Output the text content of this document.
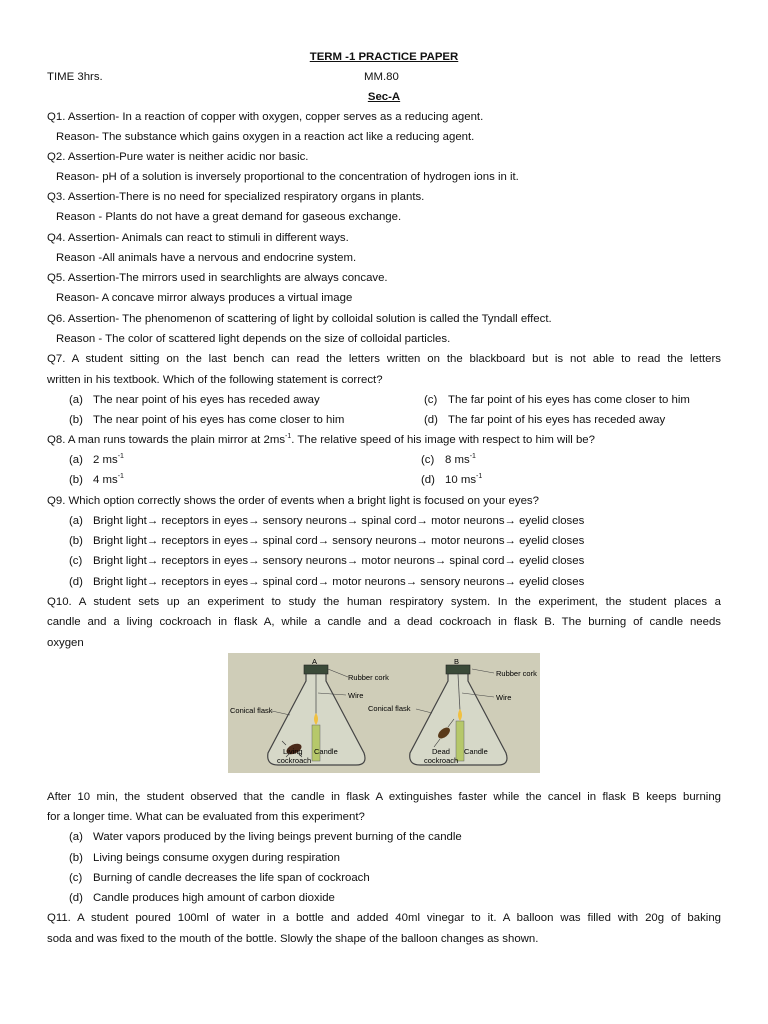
TERM -1 PRACTICE PAPER
TIME 3hrs.	MM.80
Sec-A
Q1. Assertion- In a reaction of copper with oxygen, copper serves as a reducing agent.
Reason- The substance which gains oxygen in a reaction act like a reducing agent.
Q2. Assertion-Pure water is neither acidic nor basic.
Reason- pH of a solution is inversely proportional to the concentration of hydrogen ions in it.
Q3. Assertion-There is no need for specialized respiratory organs in plants.
Reason - Plants do not have a great demand for gaseous exchange.
Q4. Assertion- Animals can react to stimuli in different ways.
Reason -All animals have a nervous and endocrine system.
Q5. Assertion-The mirrors used in searchlights are always concave.
Reason- A concave mirror always produces a virtual image
Q6. Assertion- The phenomenon of scattering of light by colloidal solution is called the Tyndall effect.
Reason - The color of scattered light depends on the size of colloidal particles.
Q7. A student sitting on the last bench can read the letters written on the blackboard but is not able to read the letters
written in his textbook. Which of the following statement is correct?
(a) The near point of his eyes has receded away	(c) The far point of his eyes has come closer to him
(b) The near point of his eyes has come closer to him	(d) The far point of his eyes has receded away
Q8. A man runs towards the plain mirror at $2ms^{-1}$. The relative speed of his image with respect to him will be?
(a) 2 $ms^{-1}$	(c) 8 $ms^{-1}$
(b) 4 $ms^{-1}$	(d) 10 $ms^{-1}$
Q9. Which option correctly shows the order of events when a bright light is focused on your eyes?
(a) Bright light→ receptors in eyes→ sensory neurons→ spinal cord→ motor neurons→ eyelid closes
(b) Bright light→ receptors in eyes→ spinal cord→ sensory neurons→ motor neurons→ eyelid closes
(c) Bright light→ receptors in eyes→ sensory neurons→ motor neurons→ spinal cord→ eyelid closes
(d) Bright light→ receptors in eyes→ spinal cord→ motor neurons→ sensory neurons→ eyelid closes
Q10. A student sets up an experiment to study the human respiratory system. In the experiment, the student places a
candle and a living cockroach in flask A, while a candle and a dead cockroach in flask B. The burning of candle needs
oxygen
A
Rubber cork
Wire
Conical flask
Living
cockroach
Candle
B
Rubber cork
Wire
Conical flask
Dead
cockroach
Candle
After 10 min, the student observed that the candle in flask A extinguishes faster while the cancel in flask B keeps burning
for a longer time. What can be evaluated from this experiment?
(a) Water vapors produced by the living beings prevent burning of the candle
(b) Living beings consume oxygen during respiration
(c) Burning of candle decreases the life span of cockroach
(d) Candle produces high amount of carbon dioxide
Q11. A student poured 100ml of water in a bottle and added 40ml vinegar to it. A balloon was filled with 20g of baking
soda and was fixed to the mouth of the bottle. Slowly the shape of the balloon changes as shown.
